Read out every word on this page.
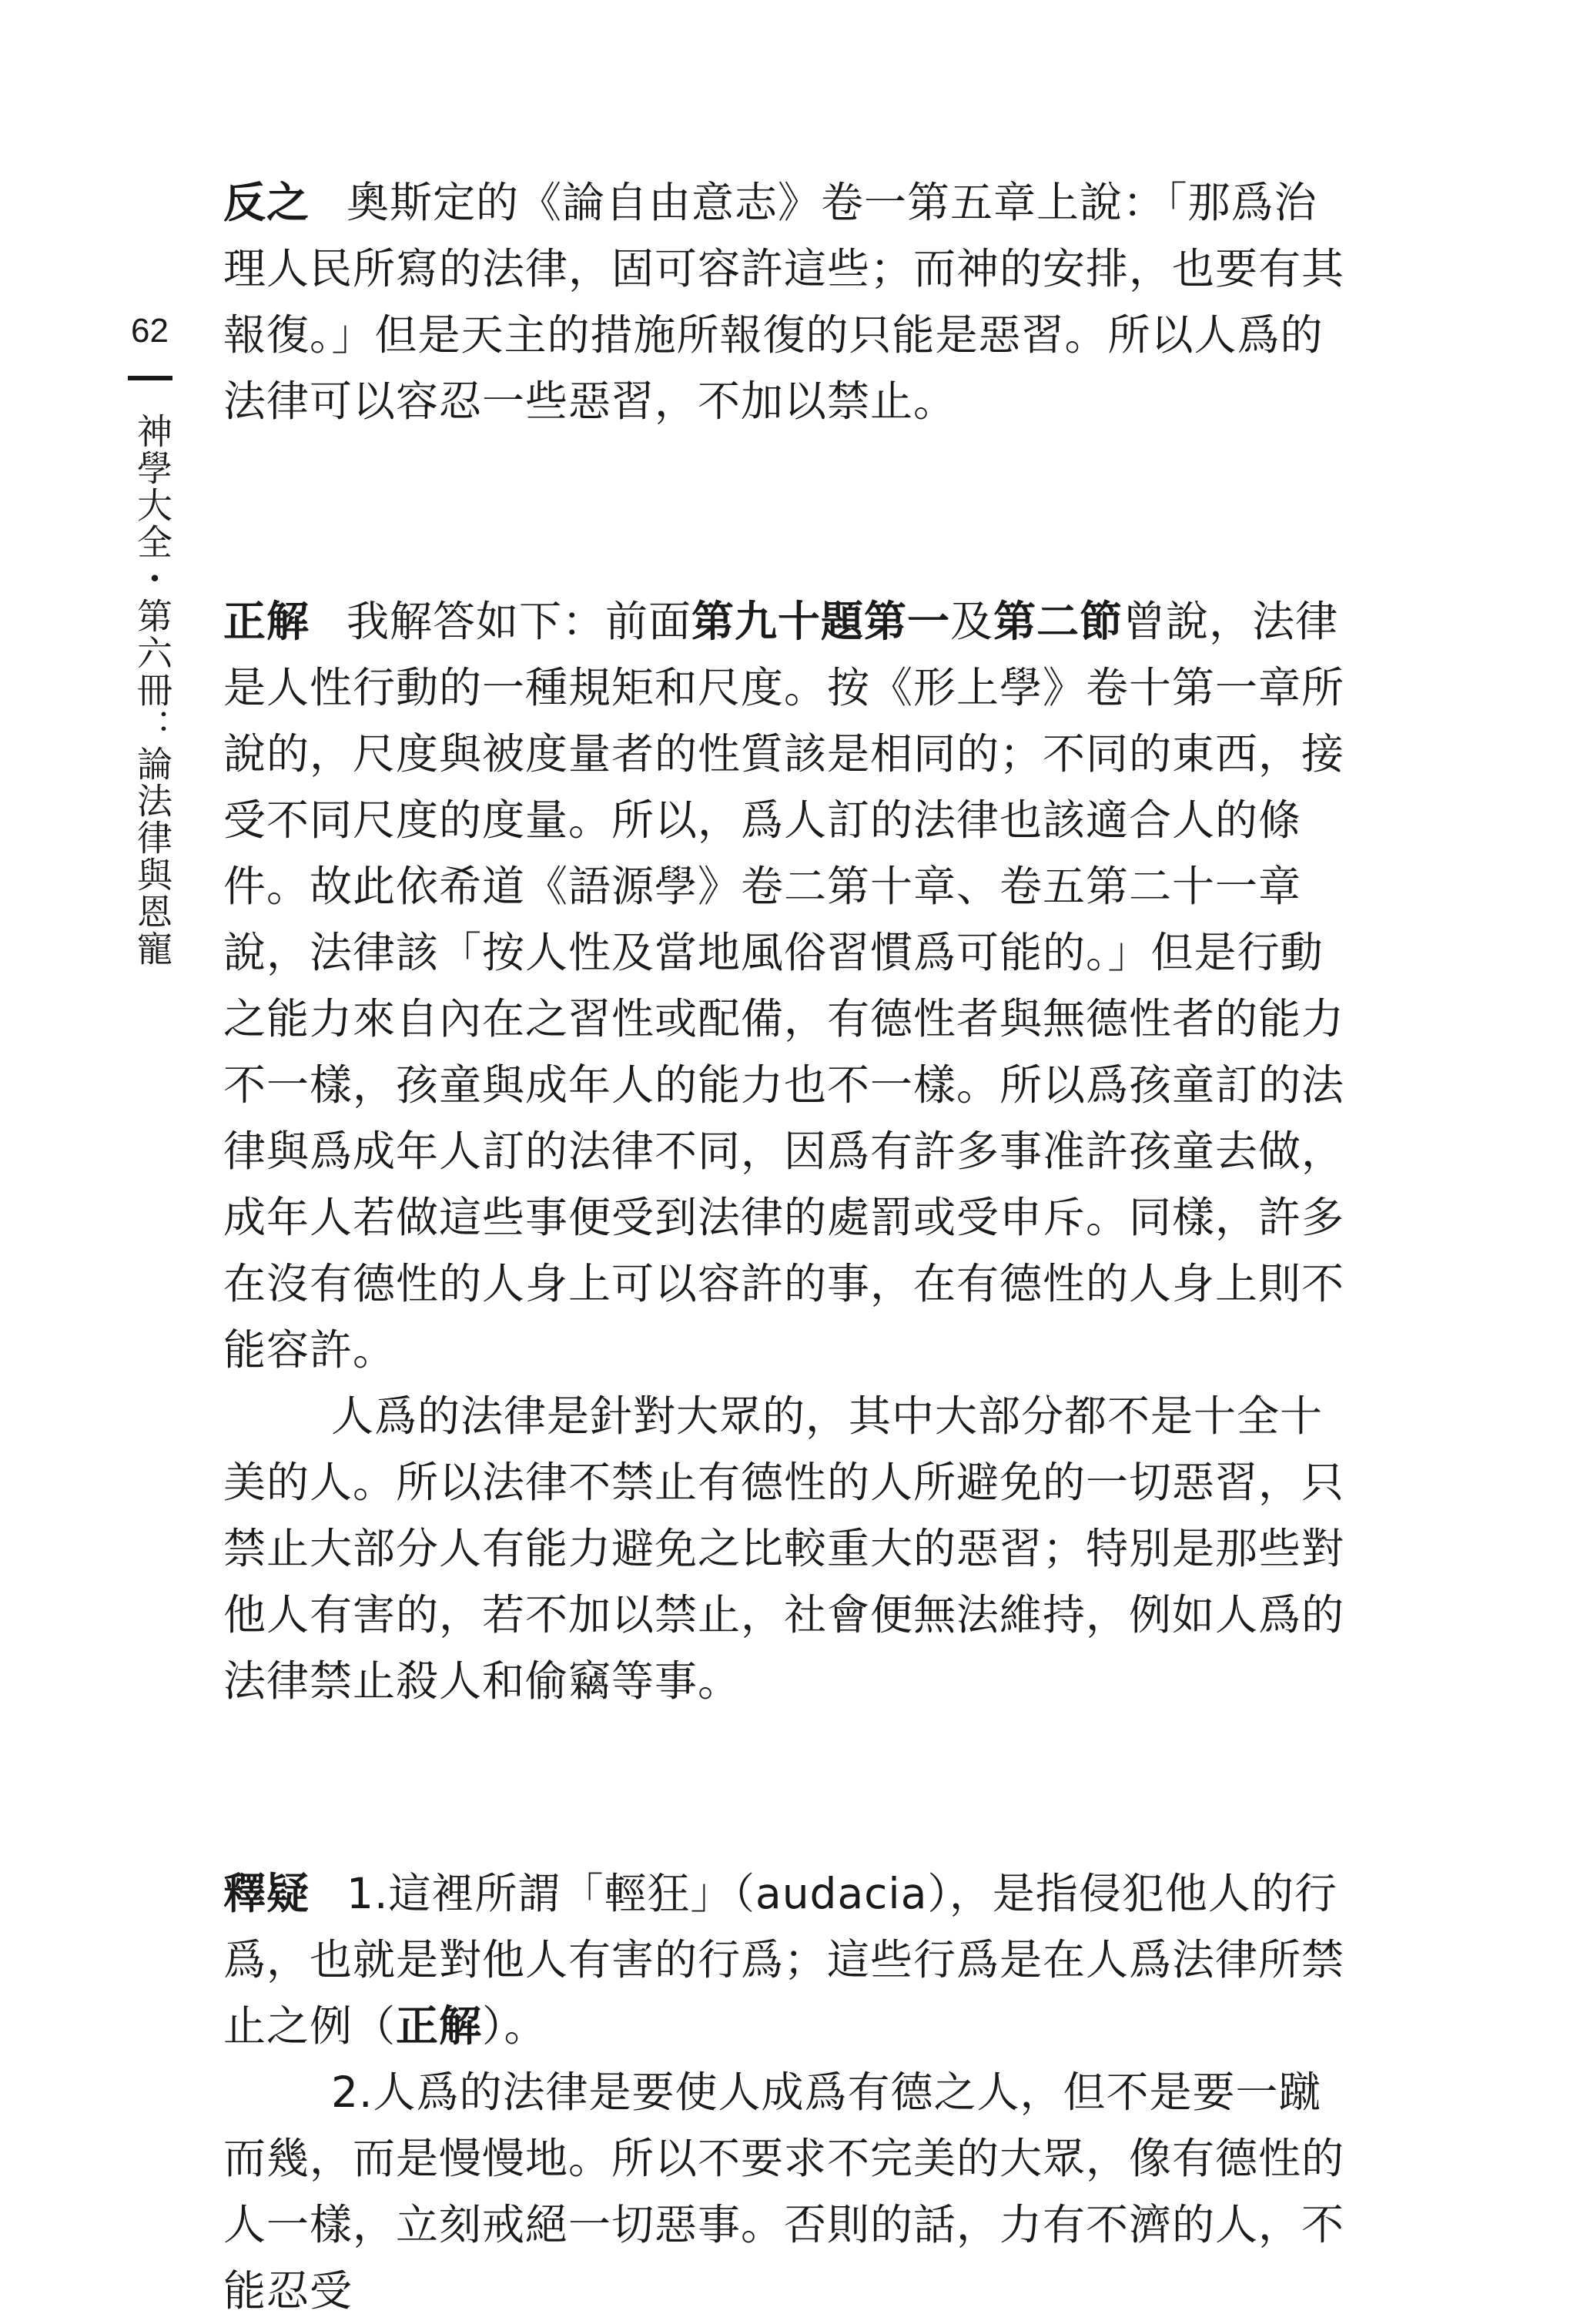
62
神學大全・第六冊：論法律與恩寵

反之 奧斯定的《論自由意志》卷一第五章上說：「那爲治理人民所寫的法律，固可容許這些；而神的安排，也要有其報復。」但是天主的措施所報復的只能是惡習。所以人爲的法律可以容忍一些惡習，不加以禁止。

正解 我解答如下：前面第九十題第一及第二節曾說，法律是人性行動的一種規矩和尺度。按《形上學》卷十第一章所說的，尺度與被度量者的性質該是相同的；不同的東西，接受不同尺度的度量。所以，爲人訂的法律也該適合人的條件。故此依希道《語源學》卷二第十章、卷五第二十一章說，法律該「按人性及當地風俗習慣爲可能的。」但是行動之能力來自內在之習性或配備，有德性者與無德性者的能力不一樣，孩童與成年人的能力也不一樣。所以爲孩童訂的法律與爲成年人訂的法律不同，因爲有許多事准許孩童去做，成年人若做這些事便受到法律的處罰或受申斥。同樣，許多在沒有德性的人身上可以容許的事，在有德性的人身上則不能容許。

人爲的法律是針對大眾的，其中大部分都不是十全十美的人。所以法律不禁止有德性的人所避免的一切惡習，只禁止大部分人有能力避免之比較重大的惡習；特別是那些對他人有害的，若不加以禁止，社會便無法維持，例如人爲的法律禁止殺人和偷竊等事。

釋疑 1.這裡所謂「輕狂」（audacia），是指侵犯他人的行爲，也就是對他人有害的行爲；這些行爲是在人爲法律所禁止之例（正解）。

2.人爲的法律是要使人成爲有德之人，但不是要一蹴而幾，而是慢慢地。所以不要求不完美的大眾，像有德性的人一樣，立刻戒絕一切惡事。否則的話，力有不濟的人，不能忍受
